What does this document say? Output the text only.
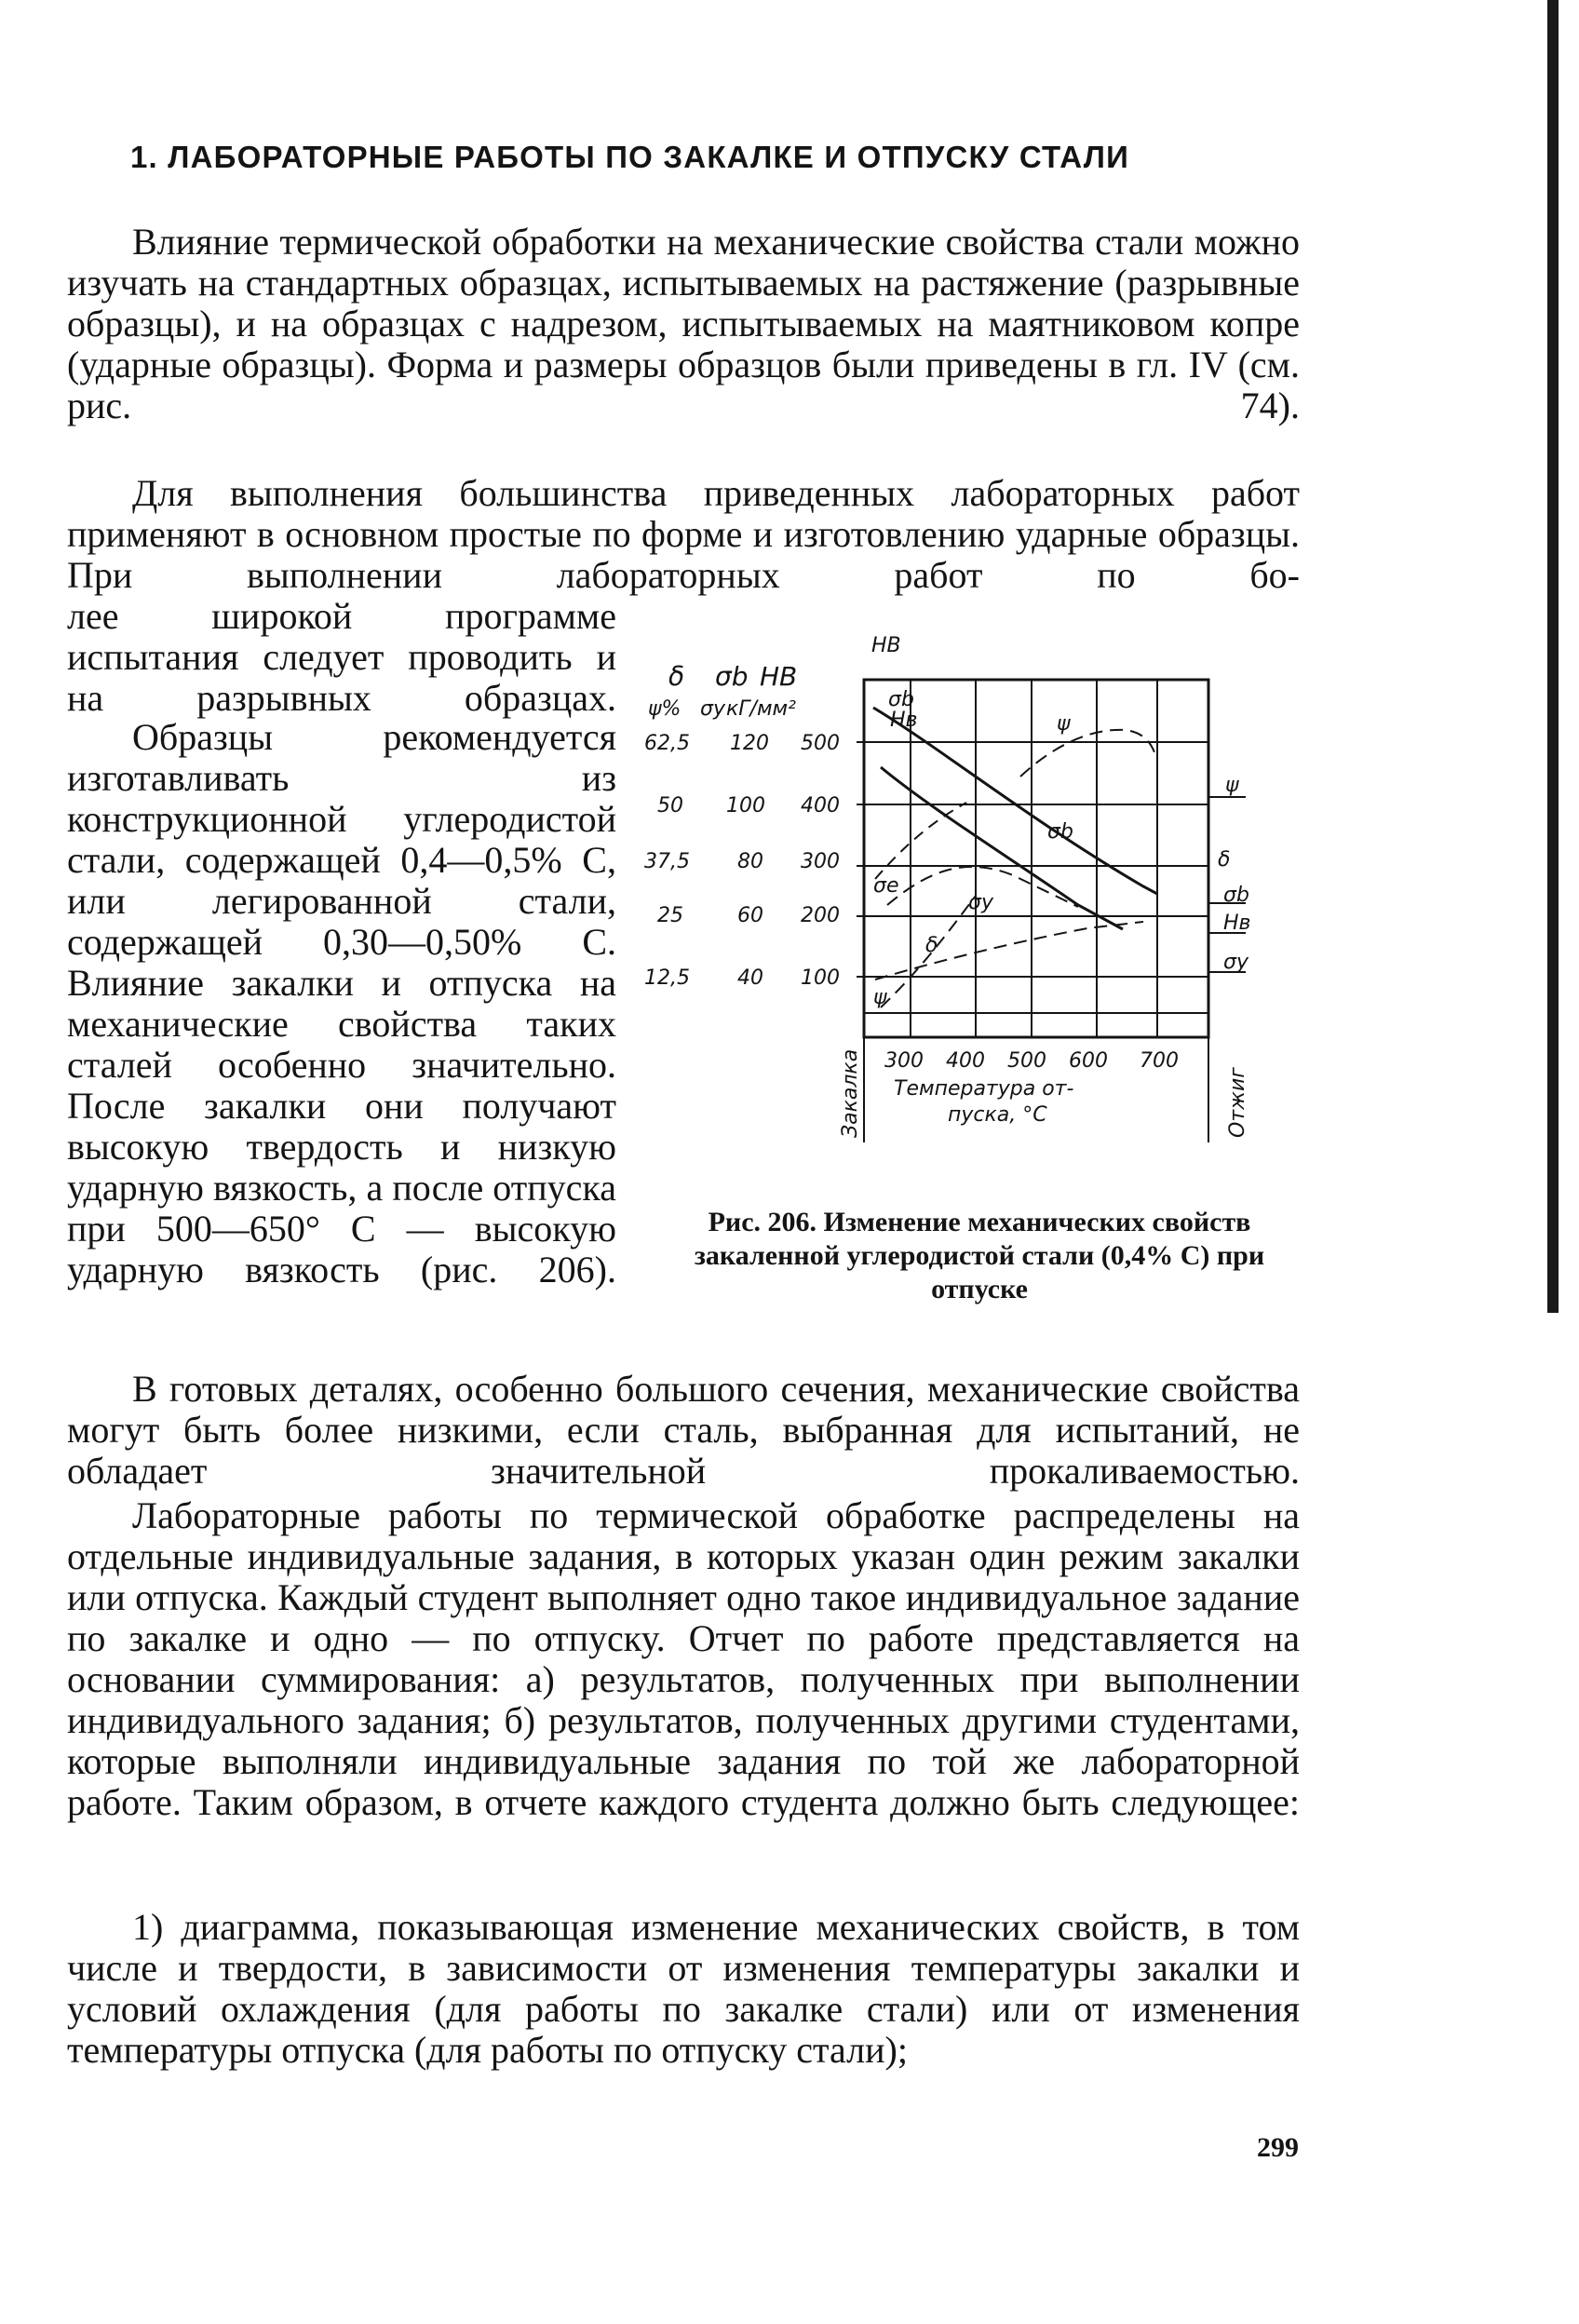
1. ЛАБОРАТОРНЫЕ РАБОТЫ ПО ЗАКАЛКЕ И ОТПУСКУ СТАЛИ

Влияние термической обработки на механические свойства стали можно изучать на стандартных образцах, испытываемых на растяжение (разрывные образцы), и на образцах с надрезом, испытываемых на маятниковом копре (ударные образцы). Форма и размеры образцов были приведены в гл. IV (см. рис. 74).

Для выполнения большинства приведенных лабораторных работ применяют в основном простые по форме и изготовлению ударные образцы. При выполнении лабораторных работ по бо-

лее широкой программе испытания следует проводить и на разрывных образцах.

Образцы рекомендуется изготавливать из конструкционной углеродистой стали, содержащей 0,4—0,5% С, или легированной стали, содержащей 0,30—0,50% С. Влияние закалки и отпуска на механические свойства таких сталей особенно значительно. После закалки они получают высокую твердость и низкую ударную вязкость, а после отпуска при 500—650° С — высокую ударную вязкость (рис. 206).

δ σb HB
HB
ψ% σy кГ/мм²	σb
62,5 120 500
50 100 400
37,5 80 300
25	60 200
12,5 40 100
Hв	ψ
σb
σe
σy
δ
ψ
ψ
δ
σb
Hв
σy
300 400 500 600 700
Температура от-
пуска, °С
Закалка	Отжиг

Рис. 206. Изменение механических свойств закаленной углеродистой стали (0,4% С) при отпуске

В готовых деталях, особенно большого сечения, механические свойства могут быть более низкими, если сталь, выбранная для испытаний, не обладает значительной прокаливаемостью.

Лабораторные работы по термической обработке распределены на отдельные индивидуальные задания, в которых указан один режим закалки или отпуска. Каждый студент выполняет одно такое индивидуальное задание по закалке и одно — по отпуску. Отчет по работе представляется на основании суммирования: а) результатов, полученных при выполнении индивидуального задания; б) результатов, полученных другими студентами, которые выполняли индивидуальные задания по той же лабораторной работе. Таким образом, в отчете каждого студента должно быть следующее:

1) диаграмма, показывающая изменение механических свойств, в том числе и твердости, в зависимости от изменения температуры закалки и условий охлаждения (для работы по закалке стали) или от изменения температуры отпуска (для работы по отпуску стали);

299
